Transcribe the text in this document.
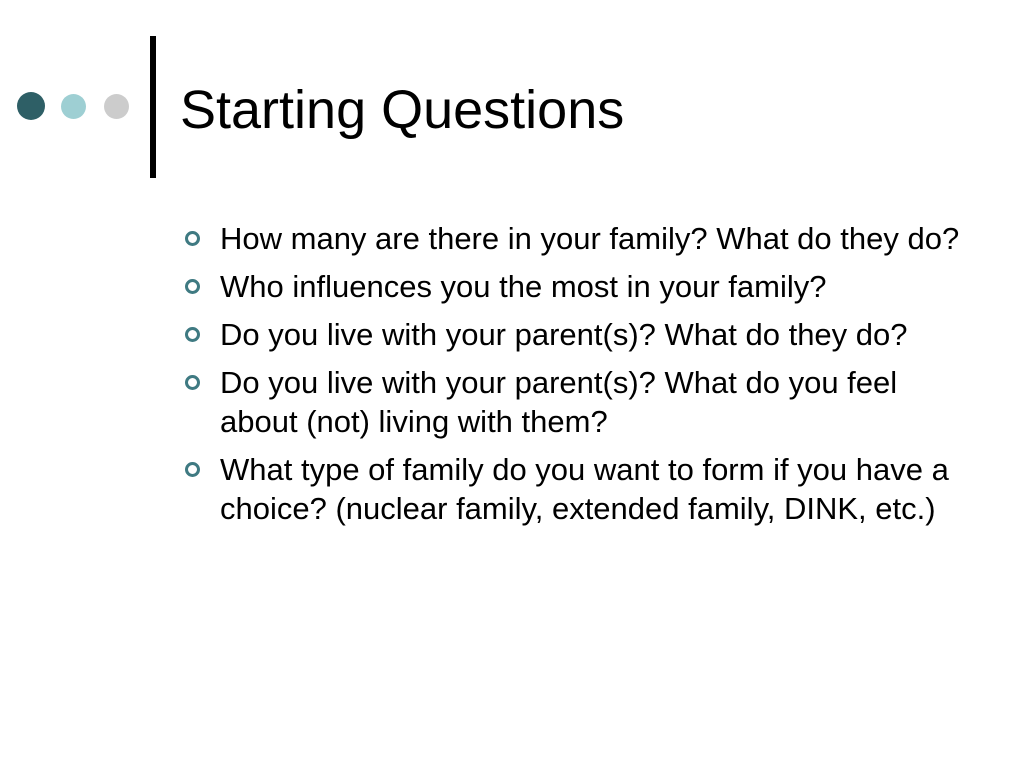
Starting Questions
How many are there in your family? What do they do?
Who influences you the most in your family?
Do you live with your parent(s)? What do they do?
Do you live with your parent(s)? What do you feel about (not) living with them?
What type of family do you want to form if you have a choice? (nuclear family, extended family, DINK, etc.)
